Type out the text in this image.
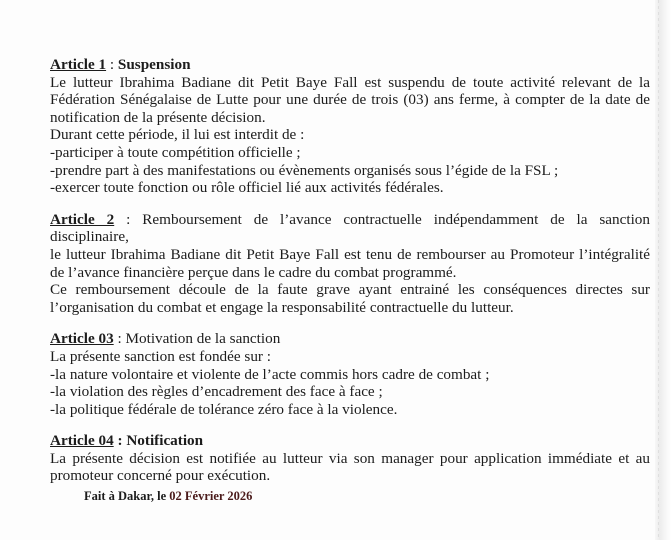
Article 1 : Suspension
Le lutteur Ibrahima Badiane dit Petit Baye Fall est suspendu de toute activité relevant de la
Fédération Sénégalaise de Lutte pour une durée de trois (03) ans ferme, à compter de la date de
notification de la présente décision.
Durant cette période, il lui est interdit de :
-participer à toute compétition officielle ;
-prendre part à des manifestations ou évènements organisés sous l’égide de la FSL ;
-exercer toute fonction ou rôle officiel lié aux activités fédérales.
Article 2 : Remboursement de l’avance contractuelle indépendamment de la sanction disciplinaire,
le lutteur Ibrahima Badiane dit Petit Baye Fall est tenu de rembourser au Promoteur l’intégralité
de l’avance financière perçue dans le cadre du combat programmé.
Ce remboursement découle de la faute grave ayant entrainé les conséquences directes sur
l’organisation du combat et engage la responsabilité contractuelle du lutteur.
Article 03 : Motivation de la sanction
La présente sanction est fondée sur :
-la nature volontaire et violente de l’acte commis hors cadre de combat ;
-la violation des règles d’encadrement des face à face ;
-la politique fédérale de tolérance zéro face à la violence.
Article 04 : Notification
La présente décision est notifiée au lutteur via son manager pour application immédiate et au
promoteur concerné pour exécution.
Fait à Dakar, le 02 Février 2026
